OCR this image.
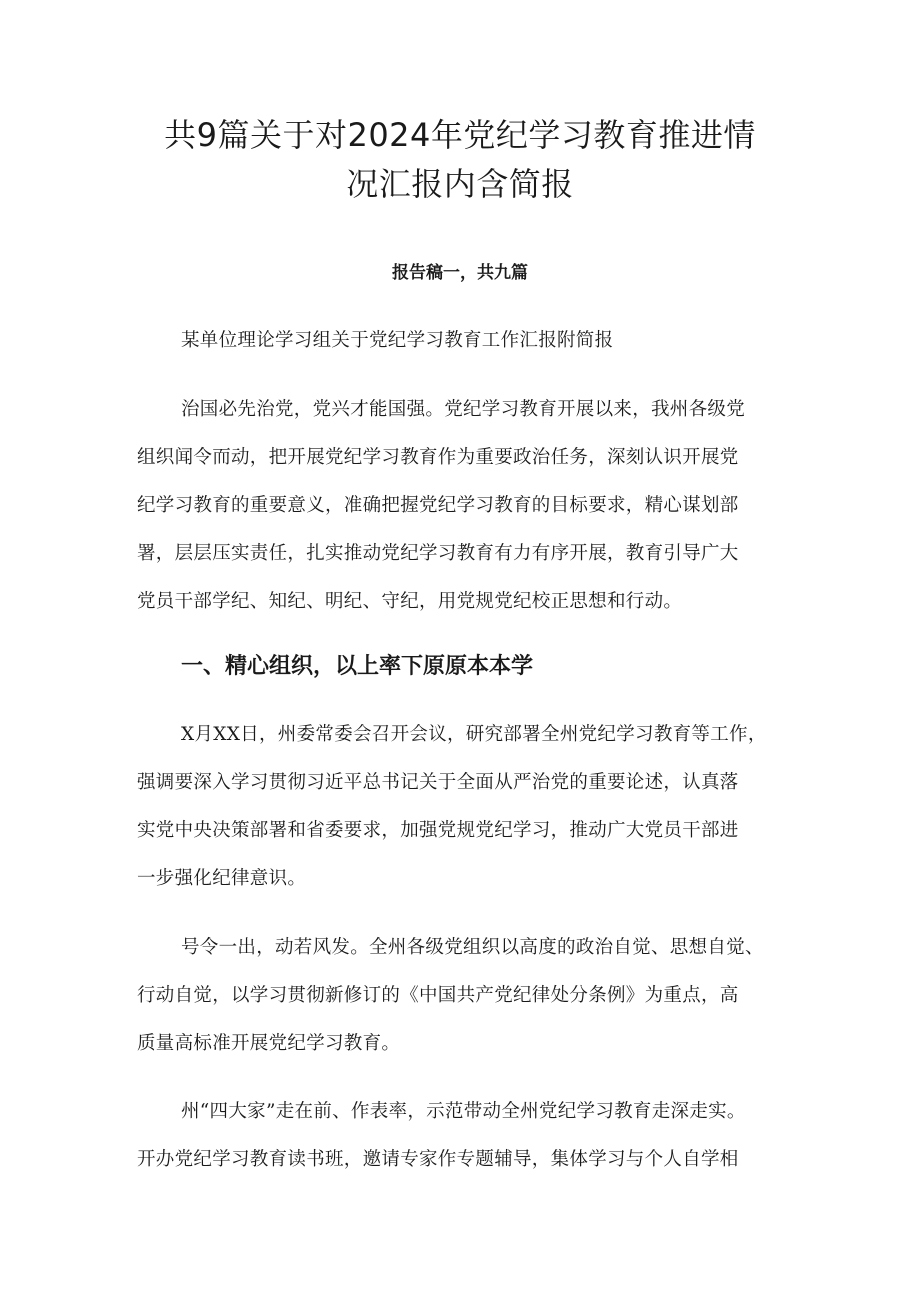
共9篇关于对2024年党纪学习教育推进情
况汇报内含简报

报告稿一，共九篇

某单位理论学习组关于党纪学习教育工作汇报附简报

治国必先治党，党兴才能国强。党纪学习教育开展以来，我州各级党

组织闻令而动，把开展党纪学习教育作为重要政治任务，深刻认识开展党

纪学习教育的重要意义，准确把握党纪学习教育的目标要求，精心谋划部

署，层层压实责任，扎实推动党纪学习教育有力有序开展，教育引导广大

党员干部学纪、知纪、明纪、守纪，用党规党纪校正思想和行动。

一、精心组织，以上率下原原本本学

X月XX日，州委常委会召开会议，研究部署全州党纪学习教育等工作，

强调要深入学习贯彻习近平总书记关于全面从严治党的重要论述，认真落

实党中央决策部署和省委要求，加强党规党纪学习，推动广大党员干部进

一步强化纪律意识。

号令一出，动若风发。全州各级党组织以高度的政治自觉、思想自觉、

行动自觉，以学习贯彻新修订的《中国共产党纪律处分条例》为重点，高

质量高标准开展党纪学习教育。

州“四大家”走在前、作表率，示范带动全州党纪学习教育走深走实。

开办党纪学习教育读书班，邀请专家作专题辅导，集体学习与个人自学相
